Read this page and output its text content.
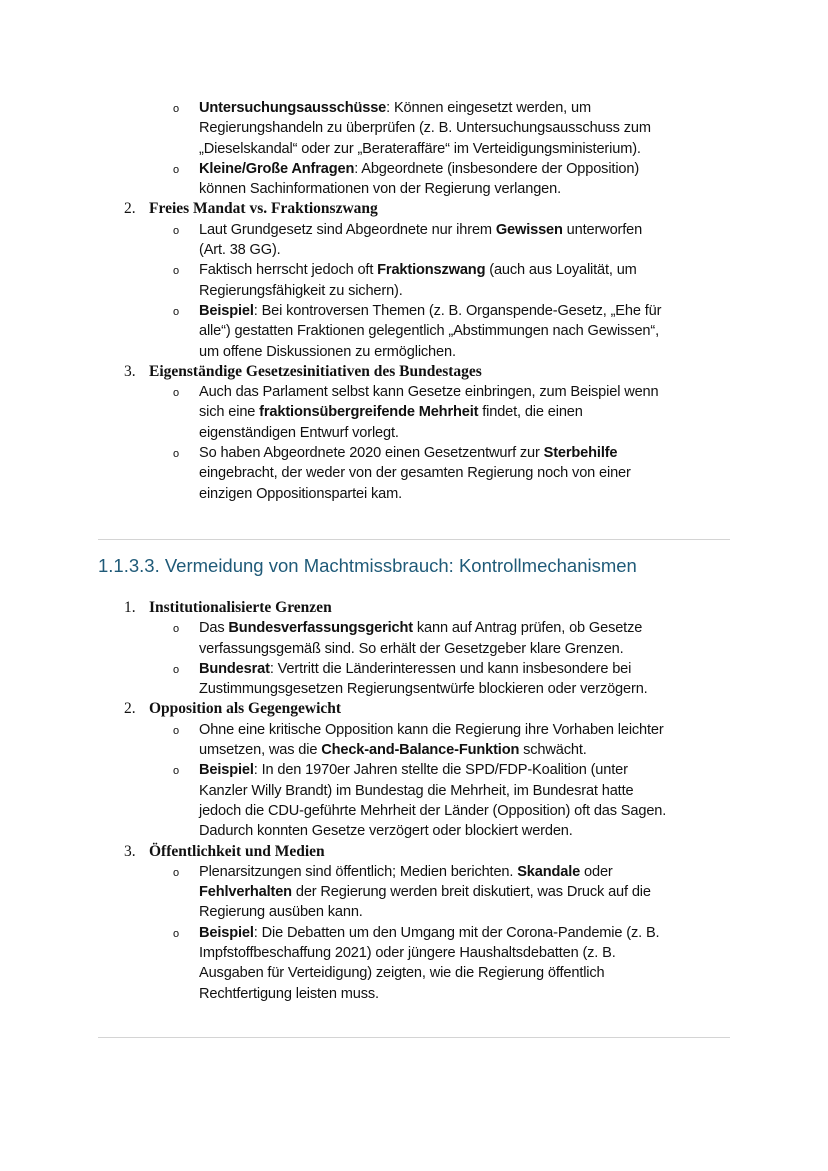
o Untersuchungsausschüsse: Können eingesetzt werden, um
Regierungshandeln zu überprüfen (z. B. Untersuchungsausschuss zum
„Dieselskandal“ oder zur „Berateraffäre“ im Verteidigungsministerium).
o Kleine/Große Anfragen: Abgeordnete (insbesondere der Opposition)
können Sachinformationen von der Regierung verlangen.
2. Freies Mandat vs. Fraktionszwang
o Laut Grundgesetz sind Abgeordnete nur ihrem Gewissen unterworfen
(Art. 38 GG).
o Faktisch herrscht jedoch oft Fraktionszwang (auch aus Loyalität, um
Regierungsfähigkeit zu sichern).
o Beispiel: Bei kontroversen Themen (z. B. Organspende-Gesetz, „Ehe für
alle“) gestatten Fraktionen gelegentlich „Abstimmungen nach Gewissen“,
um offene Diskussionen zu ermöglichen.
3. Eigenständige Gesetzesinitiativen des Bundestages
o Auch das Parlament selbst kann Gesetze einbringen, zum Beispiel wenn
sich eine fraktionsübergreifende Mehrheit findet, die einen
eigenständigen Entwurf vorlegt.
o So haben Abgeordnete 2020 einen Gesetzentwurf zur Sterbehilfe
eingebracht, der weder von der gesamten Regierung noch von einer
einzigen Oppositionspartei kam.
1.1.3.3. Vermeidung von Machtmissbrauch: Kontrollmechanismen
1. Institutionalisierte Grenzen
o Das Bundesverfassungsgericht kann auf Antrag prüfen, ob Gesetze
verfassungsgemäß sind. So erhält der Gesetzgeber klare Grenzen.
o Bundesrat: Vertritt die Länderinteressen und kann insbesondere bei
Zustimmungsgesetzen Regierungsentwürfe blockieren oder verzögern.
2. Opposition als Gegengewicht
o Ohne eine kritische Opposition kann die Regierung ihre Vorhaben leichter
umsetzen, was die Check-and-Balance-Funktion schwächt.
o Beispiel: In den 1970er Jahren stellte die SPD/FDP-Koalition (unter
Kanzler Willy Brandt) im Bundestag die Mehrheit, im Bundesrat hatte
jedoch die CDU-geführte Mehrheit der Länder (Opposition) oft das Sagen.
Dadurch konnten Gesetze verzögert oder blockiert werden.
3. Öffentlichkeit und Medien
o Plenarsitzungen sind öffentlich; Medien berichten. Skandale oder
Fehlverhalten der Regierung werden breit diskutiert, was Druck auf die
Regierung ausüben kann.
o Beispiel: Die Debatten um den Umgang mit der Corona-Pandemie (z. B.
Impfstoffbeschaffung 2021) oder jüngere Haushaltsdebatten (z. B.
Ausgaben für Verteidigung) zeigten, wie die Regierung öffentlich
Rechtfertigung leisten muss.
